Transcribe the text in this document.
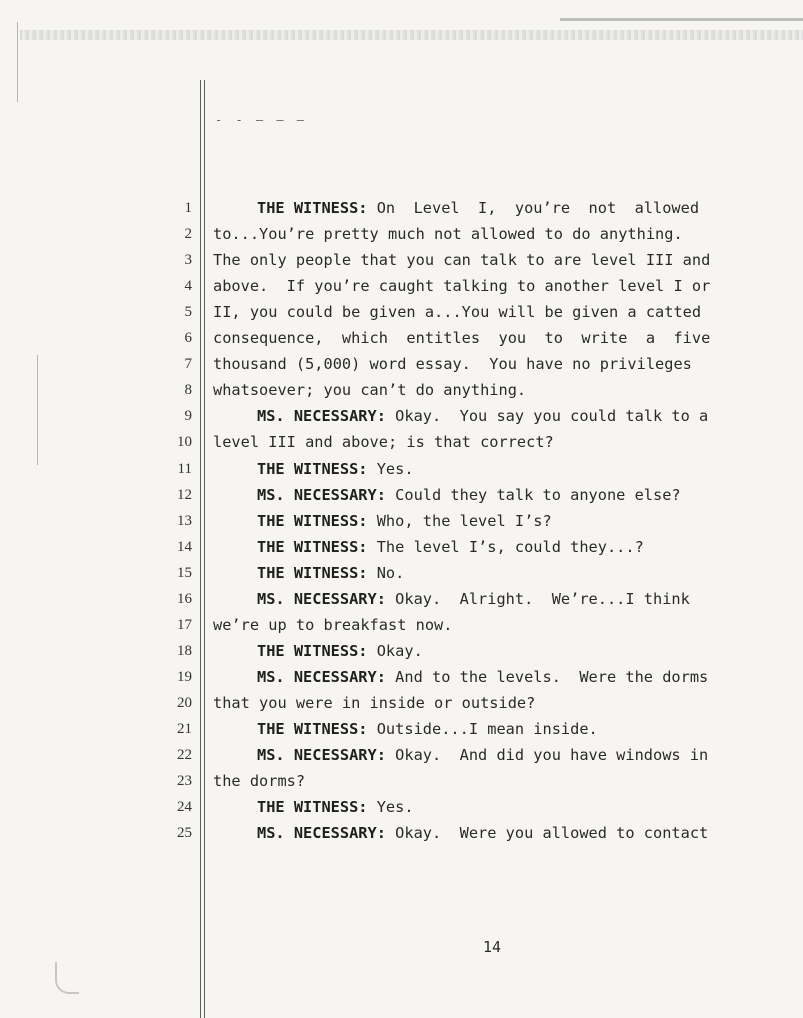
- - — — —
1	THE WITNESS: On  Level  I,  you’re  not  allowed
2 to...You’re pretty much not allowed to do anything.
3 The only people that you can talk to are level III and
4 above.  If you’re caught talking to another level I or
5 II, you could be given a...You will be given a catted
6 consequence,  which  entitles  you  to  write  a  five
7 thousand (5,000) word essay.  You have no privileges
8 whatsoever; you can’t do anything.
9	MS. NECESSARY: Okay.  You say you could talk to a
10 level III and above; is that correct?
11	THE WITNESS: Yes.
12	MS. NECESSARY: Could they talk to anyone else?
13	THE WITNESS: Who, the level I’s?
14	THE WITNESS: The level I’s, could they...?
15	THE WITNESS: No.
16	MS. NECESSARY: Okay.  Alright.  We’re...I think
17 we’re up to breakfast now.
18	THE WITNESS: Okay.
19	MS. NECESSARY: And to the levels.  Were the dorms
20 that you were in inside or outside?
21	THE WITNESS: Outside...I mean inside.
22	MS. NECESSARY: Okay.  And did you have windows in
23 the dorms?
24	THE WITNESS: Yes.
25	MS. NECESSARY: Okay.  Were you allowed to contact
14
